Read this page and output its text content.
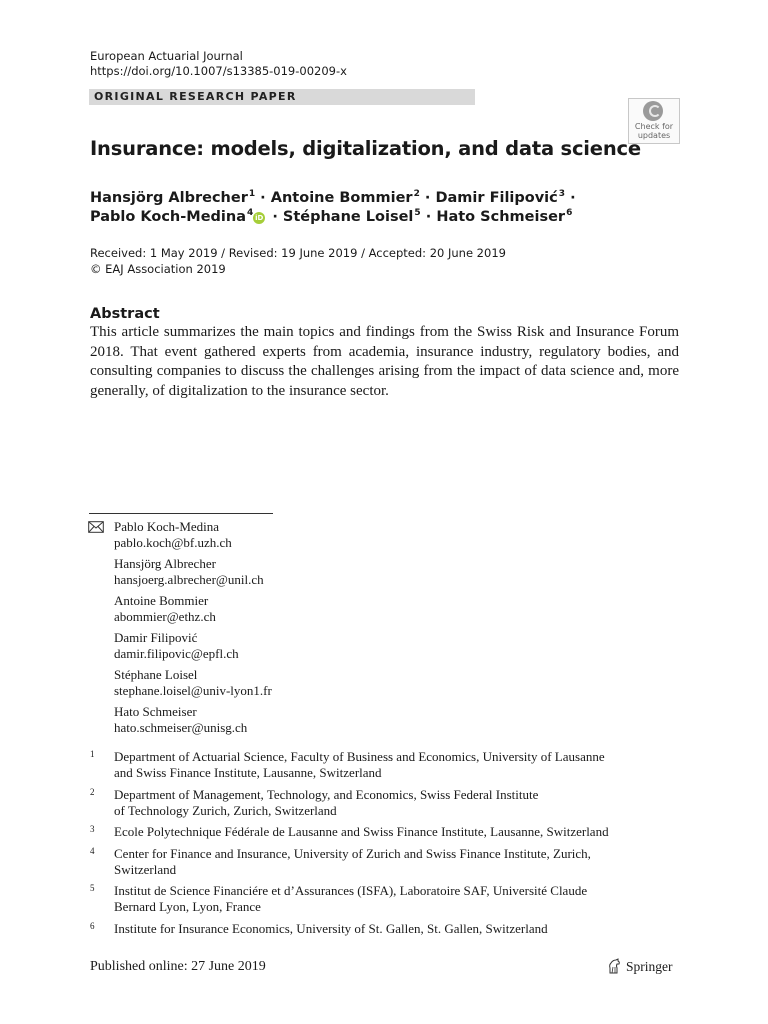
European Actuarial Journal
https://doi.org/10.1007/s13385-019-00209-x
ORIGINAL RESEARCH PAPER
Check for
updates
Insurance: models, digitalization, and data science
Hansjörg Albrecher$^1$ · Antoine Bommier$^2$ · Damir Filipović$^3$ ·
Pablo Koch-Medina$^4$ iD · Stéphane Loisel$^5$ · Hato Schmeiser$^6$
Received: 1 May 2019 / Revised: 19 June 2019 / Accepted: 20 June 2019
© EAJ Association 2019
Abstract
This article summarizes the main topics and findings from the Swiss Risk and Insurance Forum 2018. That event gathered experts from academia, insurance industry, regulatory bodies, and consulting companies to discuss the challenges arising from the impact of data science and, more generally, of digitalization to the insurance sector.
Pablo Koch-Medina
pablo.koch@bf.uzh.ch
Hansjörg Albrecher
hansjoerg.albrecher@unil.ch
Antoine Bommier
abommier@ethz.ch
Damir Filipović
damir.filipovic@epfl.ch
Stéphane Loisel
stephane.loisel@univ-lyon1.fr
Hato Schmeiser
hato.schmeiser@unisg.ch
1 Department of Actuarial Science, Faculty of Business and Economics, University of Lausanne
and Swiss Finance Institute, Lausanne, Switzerland
2 Department of Management, Technology, and Economics, Swiss Federal Institute
of Technology Zurich, Zurich, Switzerland
3 Ecole Polytechnique Fédérale de Lausanne and Swiss Finance Institute, Lausanne, Switzerland
4 Center for Finance and Insurance, University of Zurich and Swiss Finance Institute, Zurich,
Switzerland
5 Institut de Science Financiére et d’Assurances (ISFA), Laboratoire SAF, Université Claude
Bernard Lyon, Lyon, France
6 Institute for Insurance Economics, University of St. Gallen, St. Gallen, Switzerland
Published online: 27 June 2019	Springer
